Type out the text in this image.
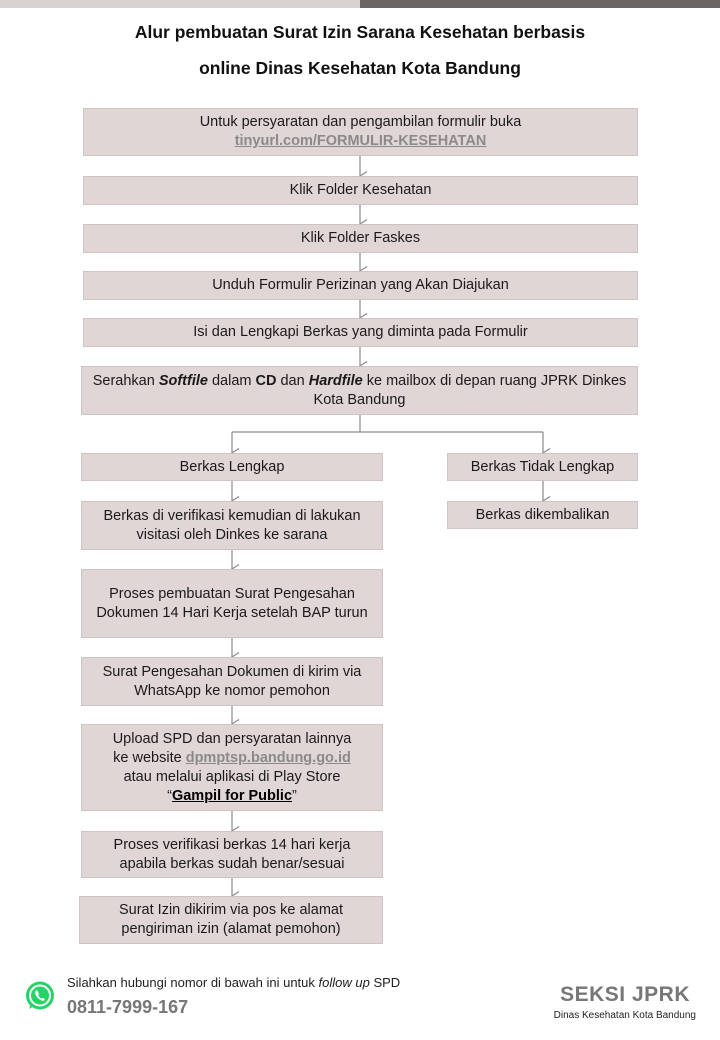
Alur pembuatan Surat Izin Sarana Kesehatan berbasis
online Dinas Kesehatan Kota Bandung
Untuk persyaratan dan pengambilan formulir buka
tinyurl.com/FORMULIR-KESEHATAN
Klik Folder Kesehatan
Klik Folder Faskes
Unduh Formulir Perizinan yang Akan Diajukan
Isi dan Lengkapi Berkas yang diminta pada Formulir
Serahkan Softfile dalam CD dan Hardfile ke mailbox di depan ruang JPRK Dinkes Kota Bandung
Berkas Lengkap
Berkas di verifikasi kemudian di lakukan visitasi oleh Dinkes ke sarana
Proses pembuatan Surat Pengesahan Dokumen 14 Hari Kerja setelah BAP turun
Surat Pengesahan Dokumen di kirim via WhatsApp ke nomor pemohon
Upload SPD dan persyaratan lainnya
ke website dpmptsp.bandung.go.id
atau melalui aplikasi di Play Store
“Gampil for Public”
Proses verifikasi berkas 14 hari kerja apabila berkas sudah benar/sesuai
Surat Izin dikirim via pos ke alamat pengiriman izin (alamat pemohon)
Berkas Tidak Lengkap
Berkas dikembalikan
Silahkan hubungi nomor di bawah ini untuk follow up SPD
0811-7999-167
SEKSI JPRK
Dinas Kesehatan Kota Bandung
